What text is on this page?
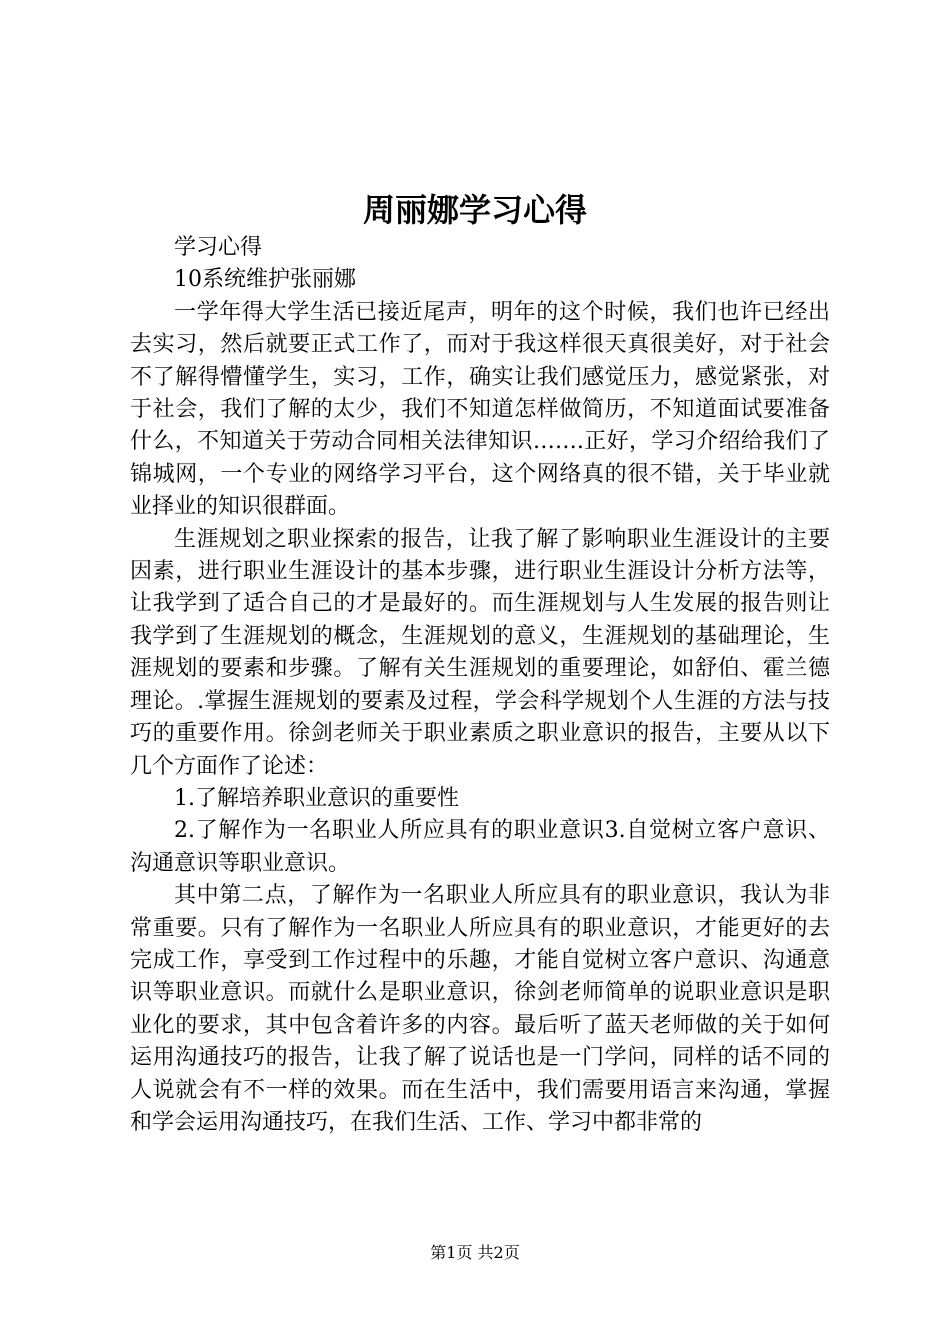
周丽娜学习心得

学习心得

10系统维护张丽娜

一学年得大学生活已接近尾声，明年的这个时候，我们也许已经出去实习，然后就要正式工作了，而对于我这样很天真很美好，对于社会不了解得懵懂学生，实习，工作，确实让我们感觉压力，感觉紧张，对于社会，我们了解的太少，我们不知道怎样做简历，不知道面试要准备什么，不知道关于劳动合同相关法律知识…….正好，学习介绍给我们了锦城网，一个专业的网络学习平台，这个网络真的很不错，关于毕业就业择业的知识很群面。

生涯规划之职业探索的报告，让我了解了影响职业生涯设计的主要因素，进行职业生涯设计的基本步骤，进行职业生涯设计分析方法等，让我学到了适合自己的才是最好的。而生涯规划与人生发展的报告则让我学到了生涯规划的概念，生涯规划的意义，生涯规划的基础理论，生涯规划的要素和步骤。了解有关生涯规划的重要理论，如舒伯、霍兰德理论。.掌握生涯规划的要素及过程，学会科学规划个人生涯的方法与技巧的重要作用。徐剑老师关于职业素质之职业意识的报告，主要从以下几个方面作了论述：

1.了解培养职业意识的重要性

2.了解作为一名职业人所应具有的职业意识3.自觉树立客户意识、沟通意识等职业意识。

其中第二点，了解作为一名职业人所应具有的职业意识，我认为非常重要。只有了解作为一名职业人所应具有的职业意识，才能更好的去完成工作，享受到工作过程中的乐趣，才能自觉树立客户意识、沟通意识等职业意识。而就什么是职业意识，徐剑老师简单的说职业意识是职业化的要求，其中包含着许多的内容。最后听了蓝天老师做的关于如何运用沟通技巧的报告，让我了解了说话也是一门学问，同样的话不同的人说就会有不一样的效果。而在生活中，我们需要用语言来沟通，掌握和学会运用沟通技巧，在我们生活、工作、学习中都非常的

第1页 共2页
